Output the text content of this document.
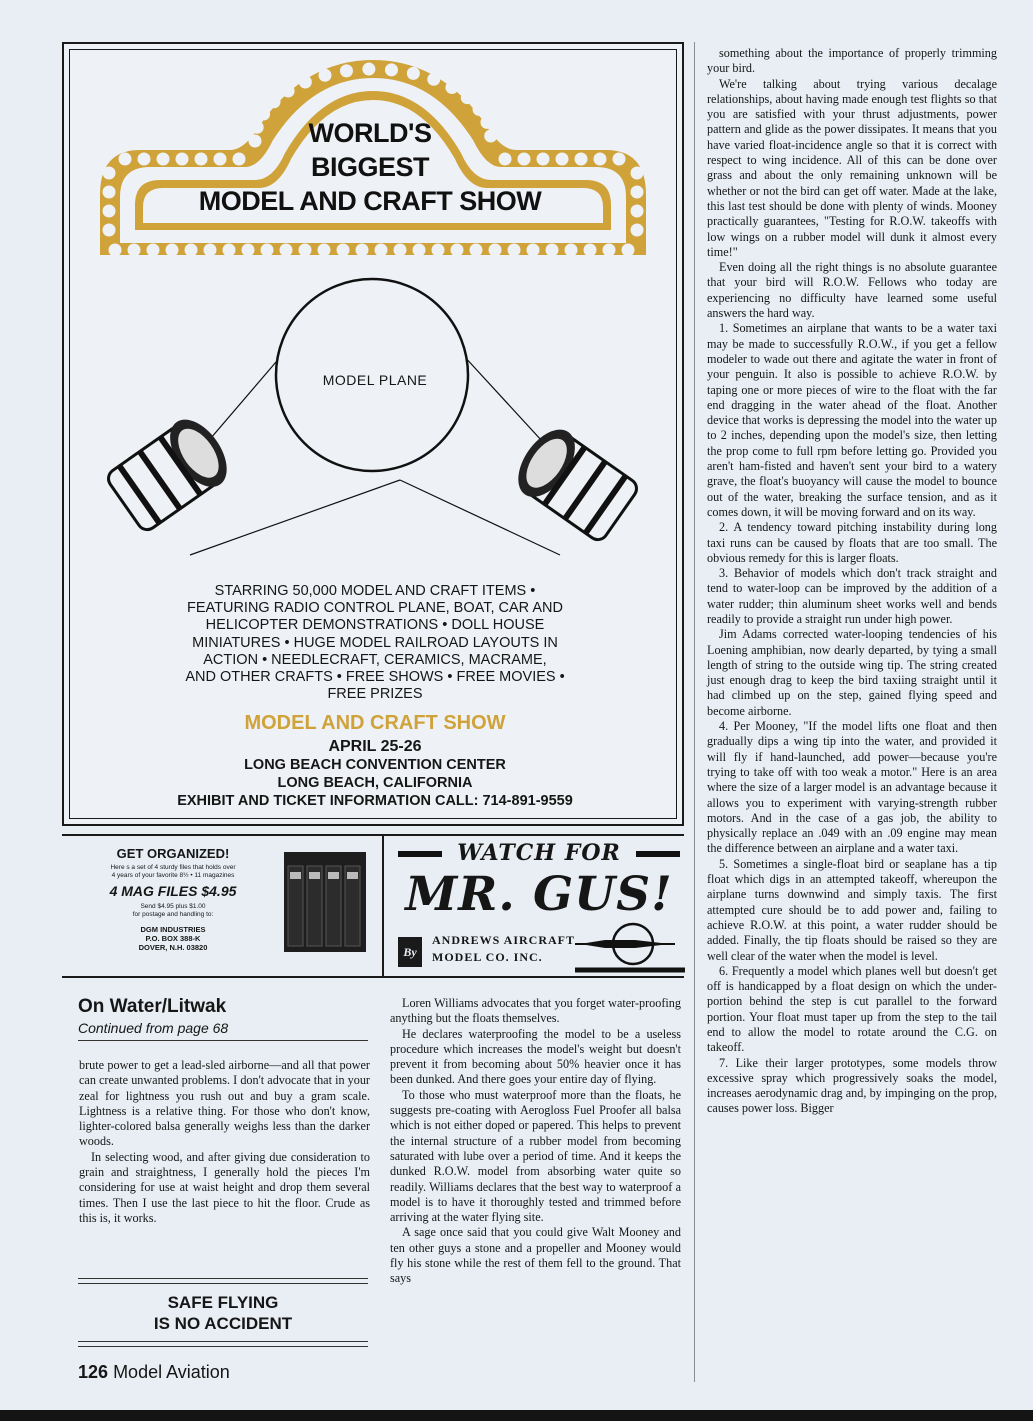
WORLD'S
BIGGEST
MODEL AND CRAFT SHOW
MODEL PLANE
STARRING 50,000 MODEL AND CRAFT ITEMS •
FEATURING RADIO CONTROL PLANE, BOAT, CAR AND
HELICOPTER DEMONSTRATIONS • DOLL HOUSE
MINIATURES • HUGE MODEL RAILROAD LAYOUTS IN
ACTION • NEEDLECRAFT, CERAMICS, MACRAME,
AND OTHER CRAFTS • FREE SHOWS • FREE MOVIES •
FREE PRIZES
MODEL AND CRAFT SHOW
APRIL 25-26
LONG BEACH CONVENTION CENTER
LONG BEACH, CALIFORNIA
EXHIBIT AND TICKET INFORMATION CALL: 714-891-9559
GET ORGANIZED!
Here s a set of 4 sturdy files that holds over
4 years of your favorite 8½ • 11 magazines
4 MAG FILES $4.95
Send $4.95 plus $1.00
for postage and handling to:
DGM INDUSTRIES
P.O. BOX 388-K
DOVER, N.H. 03820
WATCH FOR
MR. GUS!
By
ANDREWS AIRCRAFT
MODEL CO. INC.
On Water/Litwak
Continued from page 68

brute power to get a lead-sled airborne—and all that power can create unwanted problems. I don't advocate that in your zeal for lightness you rush out and buy a gram scale. Lightness is a relative thing. For those who don't know, lighter-colored balsa generally weighs less than the darker woods.

In selecting wood, and after giving due consideration to grain and straightness, I generally hold the pieces I'm considering for use at waist height and drop them several times. Then I use the last piece to hit the floor. Crude as this is, it works.

SAFE FLYING
IS NO ACCIDENT

Loren Williams advocates that you forget water-proofing anything but the floats themselves.

He declares waterproofing the model to be a useless procedure which increases the model's weight but doesn't prevent it from becoming about 50% heavier once it has been dunked. And there goes your entire day of flying.

To those who must waterproof more than the floats, he suggests pre-coating with Aerogloss Fuel Proofer all balsa which is not either doped or papered. This helps to prevent the internal structure of a rubber model from becoming saturated with lube over a period of time. And it keeps the dunked R.O.W. model from absorbing water quite so readily. Williams declares that the best way to waterproof a model is to have it thoroughly tested and trimmed before arriving at the water flying site.

A sage once said that you could give Walt Mooney and ten other guys a stone and a propeller and Mooney would fly his stone while the rest of them fell to the ground. That says

something about the importance of properly trimming your bird.

We're talking about trying various decalage relationships, about having made enough test flights so that you are satisfied with your thrust adjustments, power pattern and glide as the power dissipates. It means that you have varied float-incidence angle so that it is correct with respect to wing incidence. All of this can be done over grass and about the only remaining unknown will be whether or not the bird can get off water. Made at the lake, this last test should be done with plenty of winds. Mooney practically guarantees, "Testing for R.O.W. takeoffs with low wings on a rubber model will dunk it almost every time!"

Even doing all the right things is no absolute guarantee that your bird will R.O.W. Fellows who today are experiencing no difficulty have learned some useful answers the hard way.

1. Sometimes an airplane that wants to be a water taxi may be made to successfully R.O.W., if you get a fellow modeler to wade out there and agitate the water in front of your penguin. It also is possible to achieve R.O.W. by taping one or more pieces of wire to the float with the far end dragging in the water ahead of the float. Another device that works is depressing the model into the water up to 2 inches, depending upon the model's size, then letting the prop come to full rpm before letting go. Provided you aren't ham-fisted and haven't sent your bird to a watery grave, the float's buoyancy will cause the model to bounce out of the water, breaking the surface tension, and as it comes down, it will be moving forward and on its way.

2. A tendency toward pitching instability during long taxi runs can be caused by floats that are too small. The obvious remedy for this is larger floats.

3. Behavior of models which don't track straight and tend to water-loop can be improved by the addition of a water rudder; thin aluminum sheet works well and bends readily to provide a straight run under high power.

Jim Adams corrected water-looping tendencies of his Loening amphibian, now dearly departed, by tying a small length of string to the outside wing tip. The string created just enough drag to keep the bird taxiing straight until it had climbed up on the step, gained flying speed and become airborne.

4. Per Mooney, "If the model lifts one float and then gradually dips a wing tip into the water, and provided it will fly if hand-launched, add power—because you're trying to take off with too weak a motor." Here is an area where the size of a larger model is an advantage because it allows you to experiment with varying-strength rubber motors. And in the case of a gas job, the ability to physically replace an .049 with an .09 engine may mean the difference between an airplane and a water taxi.

5. Sometimes a single-float bird or seaplane has a tip float which digs in an attempted takeoff, whereupon the airplane turns downwind and simply taxis. The first attempted cure should be to add power and, failing to achieve R.O.W. at this point, a water rudder should be added. Finally, the tip floats should be raised so they are well clear of the water when the model is level.

6. Frequently a model which planes well but doesn't get off is handicapped by a float design on which the under-portion behind the step is cut parallel to the forward portion. Your float must taper up from the step to the tail end to allow the model to rotate around the C.G. on takeoff.

7. Like their larger prototypes, some models throw excessive spray which progressively soaks the model, increases aerodynamic drag and, by impinging on the prop, causes power loss. Bigger

126 Model Aviation
